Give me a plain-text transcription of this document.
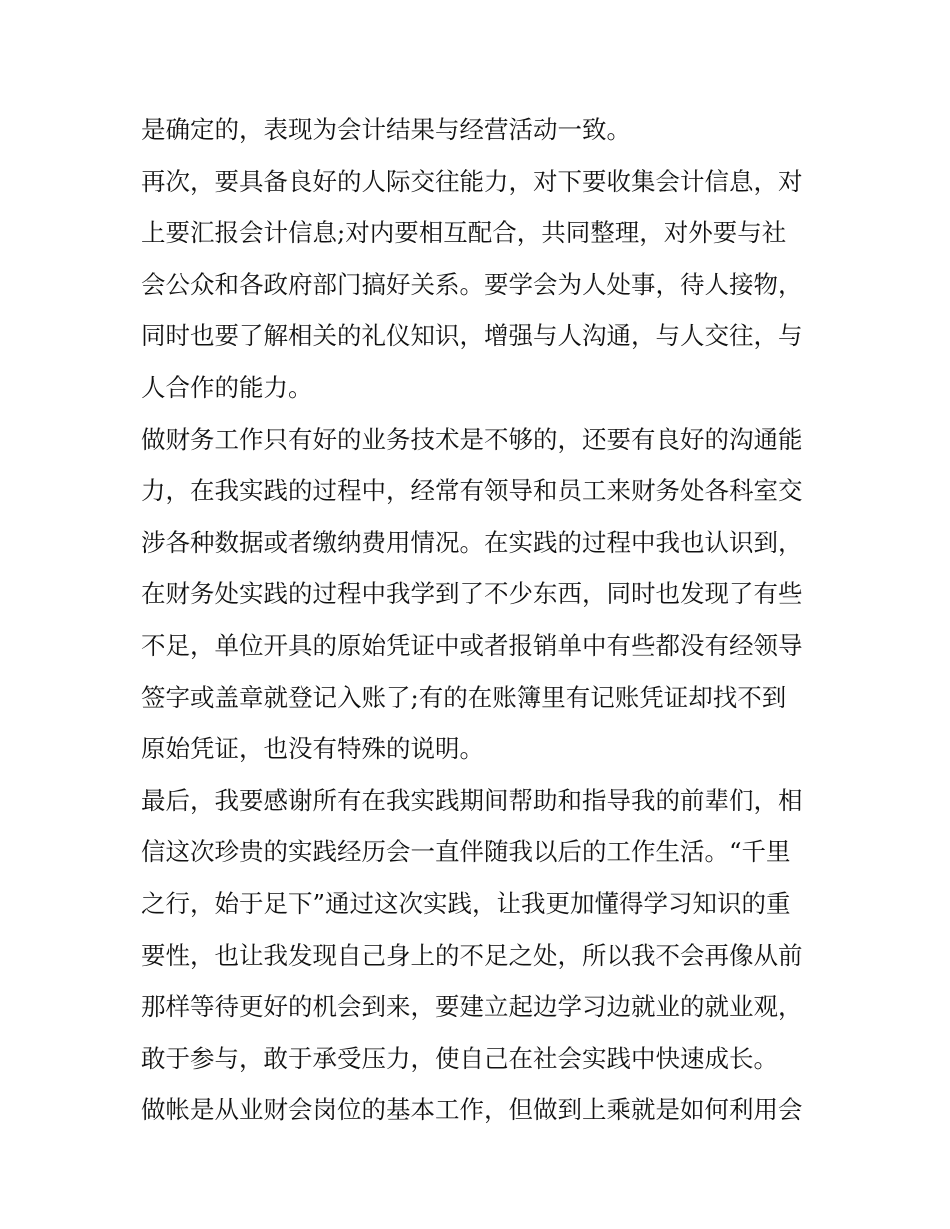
是确定的，表现为会计结果与经营活动一致。
再次，要具备良好的人际交往能力，对下要收集会计信息，对
上要汇报会计信息;对内要相互配合，共同整理，对外要与社
会公众和各政府部门搞好关系。要学会为人处事，待人接物，
同时也要了解相关的礼仪知识，增强与人沟通，与人交往，与
人合作的能力。
做财务工作只有好的业务技术是不够的，还要有良好的沟通能
力，在我实践的过程中，经常有领导和员工来财务处各科室交
涉各种数据或者缴纳费用情况。在实践的过程中我也认识到，
在财务处实践的过程中我学到了不少东西，同时也发现了有些
不足，单位开具的原始凭证中或者报销单中有些都没有经领导
签字或盖章就登记入账了;有的在账簿里有记账凭证却找不到
原始凭证，也没有特殊的说明。
最后，我要感谢所有在我实践期间帮助和指导我的前辈们，相
信这次珍贵的实践经历会一直伴随我以后的工作生活。“千里
之行，始于足下”通过这次实践，让我更加懂得学习知识的重
要性，也让我发现自己身上的不足之处，所以我不会再像从前
那样等待更好的机会到来，要建立起边学习边就业的就业观，
敢于参与，敢于承受压力，使自己在社会实践中快速成长。
做帐是从业财会岗位的基本工作，但做到上乘就是如何利用会
